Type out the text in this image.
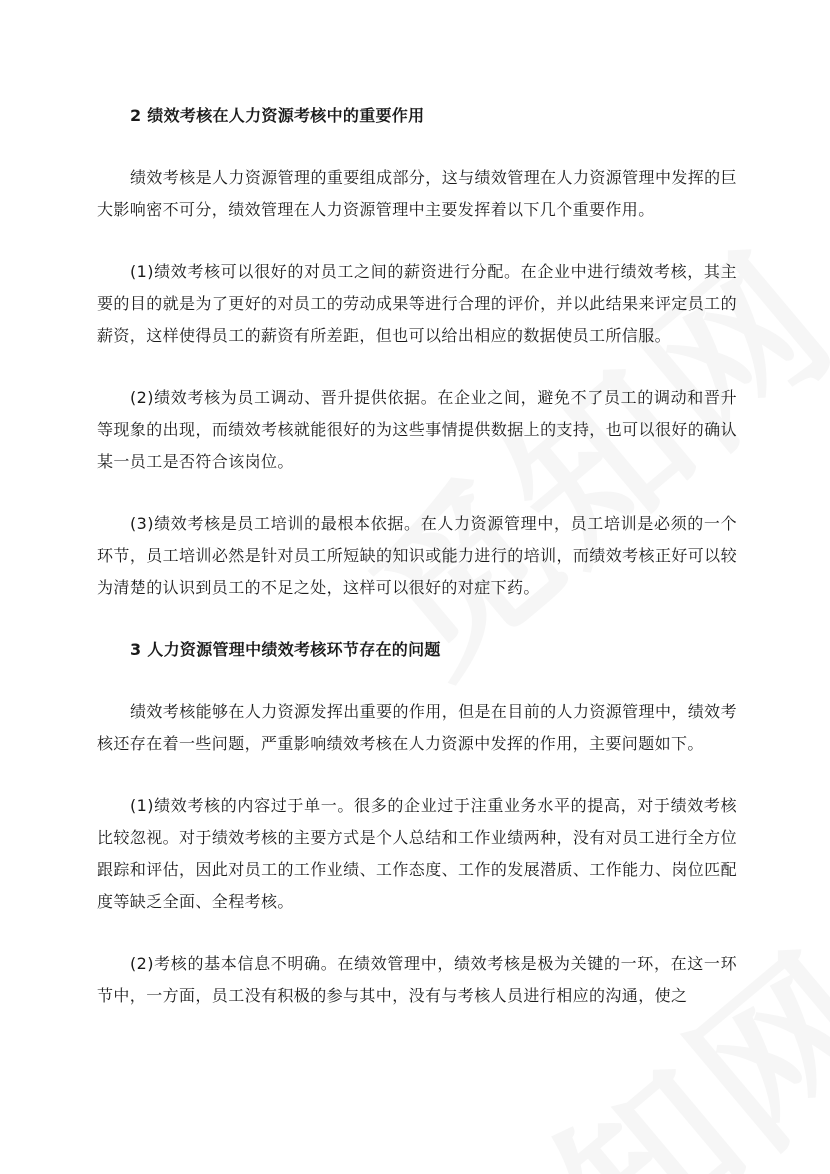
2 绩效考核在人力资源考核中的重要作用

绩效考核是人力资源管理的重要组成部分，这与绩效管理在人力资源管理中发挥的巨大影响密不可分，绩效管理在人力资源管理中主要发挥着以下几个重要作用。

(1)绩效考核可以很好的对员工之间的薪资进行分配。在企业中进行绩效考核，其主要的目的就是为了更好的对员工的劳动成果等进行合理的评价，并以此结果来评定员工的薪资，这样使得员工的薪资有所差距，但也可以给出相应的数据使员工所信服。

(2)绩效考核为员工调动、晋升提供依据。在企业之间，避免不了员工的调动和晋升等现象的出现，而绩效考核就能很好的为这些事情提供数据上的支持，也可以很好的确认某一员工是否符合该岗位。

(3)绩效考核是员工培训的最根本依据。在人力资源管理中，员工培训是必须的一个环节，员工培训必然是针对员工所短缺的知识或能力进行的培训，而绩效考核正好可以较为清楚的认识到员工的不足之处，这样可以很好的对症下药。

3 人力资源管理中绩效考核环节存在的问题

绩效考核能够在人力资源发挥出重要的作用，但是在目前的人力资源管理中，绩效考核还存在着一些问题，严重影响绩效考核在人力资源中发挥的作用，主要问题如下。

(1)绩效考核的内容过于单一。很多的企业过于注重业务水平的提高，对于绩效考核比较忽视。对于绩效考核的主要方式是个人总结和工作业绩两种，没有对员工进行全方位跟踪和评估，因此对员工的工作业绩、工作态度、工作的发展潜质、工作能力、岗位匹配度等缺乏全面、全程考核。

(2)考核的基本信息不明确。在绩效管理中，绩效考核是极为关键的一环，在这一环节中，一方面，员工没有积极的参与其中，没有与考核人员进行相应的沟通，使之
